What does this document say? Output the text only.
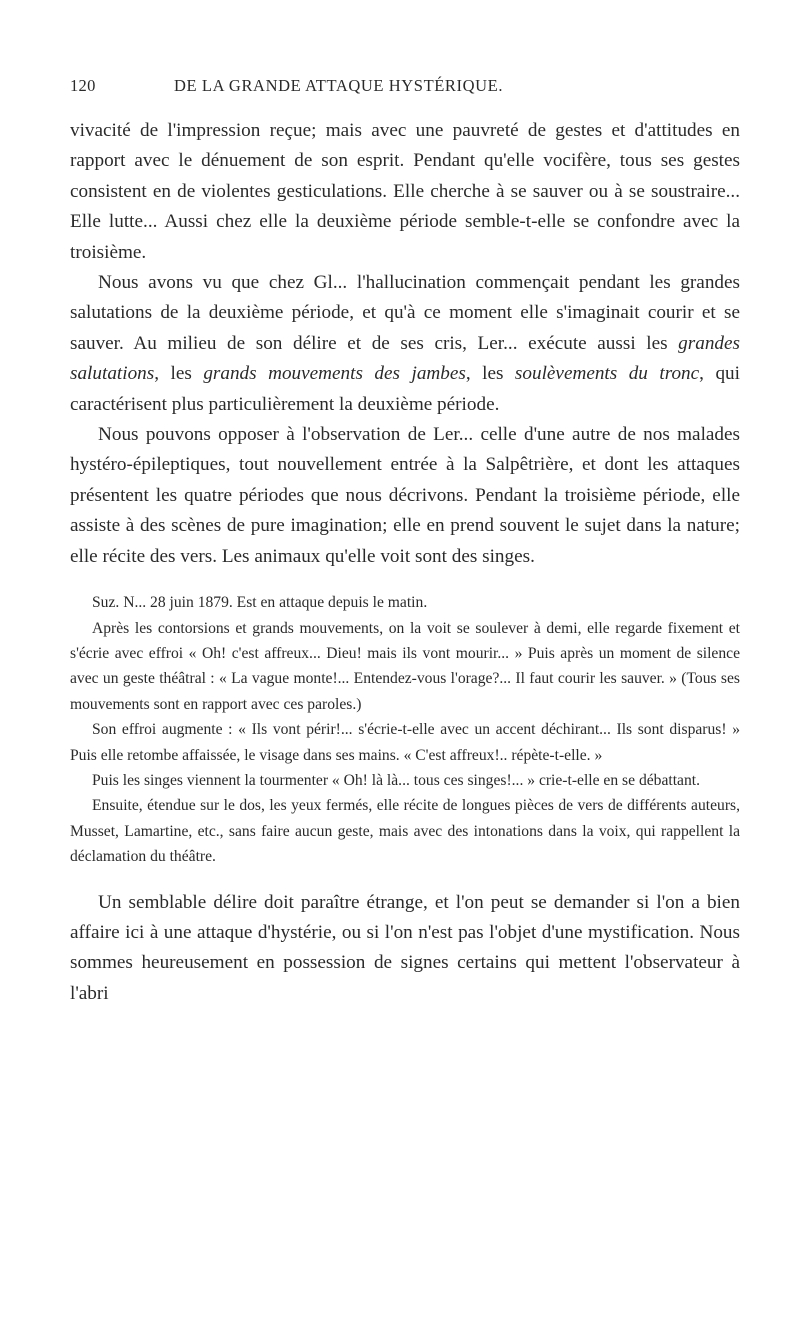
120	DE LA GRANDE ATTAQUE HYSTÉRIQUE.

vivacité de l'impression reçue; mais avec une pauvreté de gestes et d'attitudes en rapport avec le dénuement de son esprit. Pendant qu'elle vocifère, tous ses gestes consistent en de violentes gesticulations. Elle cherche à se sauver ou à se soustraire... Elle lutte... Aussi chez elle la deuxième période semble-t-elle se confondre avec la troisième.

Nous avons vu que chez Gl... l'hallucination commençait pendant les grandes salutations de la deuxième période, et qu'à ce moment elle s'imaginait courir et se sauver. Au milieu de son délire et de ses cris, Ler... exécute aussi les grandes salutations, les grands mouvements des jambes, les soulèvements du tronc, qui caractérisent plus particulièrement la deuxième période.

Nous pouvons opposer à l'observation de Ler... celle d'une autre de nos malades hystéro-épileptiques, tout nouvellement entrée à la Salpêtrière, et dont les attaques présentent les quatre périodes que nous décrivons. Pendant la troisième période, elle assiste à des scènes de pure imagination; elle en prend souvent le sujet dans la nature; elle récite des vers. Les animaux qu'elle voit sont des singes.

Suz. N... 28 juin 1879. Est en attaque depuis le matin.

Après les contorsions et grands mouvements, on la voit se soulever à demi, elle regarde fixement et s'écrie avec effroi « Oh! c'est affreux... Dieu! mais ils vont mourir... » Puis après un moment de silence avec un geste théâtral : « La vague monte!... Entendez-vous l'orage?... Il faut courir les sauver. » (Tous ses mouvements sont en rapport avec ces paroles.)

Son effroi augmente : « Ils vont périr!... s'écrie-t-elle avec un accent déchirant... Ils sont disparus! » Puis elle retombe affaissée, le visage dans ses mains. « C'est affreux!.. répète-t-elle. »

Puis les singes viennent la tourmenter « Oh! là là... tous ces singes!... » crie-t-elle en se débattant.

Ensuite, étendue sur le dos, les yeux fermés, elle récite de longues pièces de vers de différents auteurs, Musset, Lamartine, etc., sans faire aucun geste, mais avec des intonations dans la voix, qui rappellent la déclamation du théâtre.

Un semblable délire doit paraître étrange, et l'on peut se demander si l'on a bien affaire ici à une attaque d'hystérie, ou si l'on n'est pas l'objet d'une mystification. Nous sommes heureusement en possession de signes certains qui mettent l'observateur à l'abri
